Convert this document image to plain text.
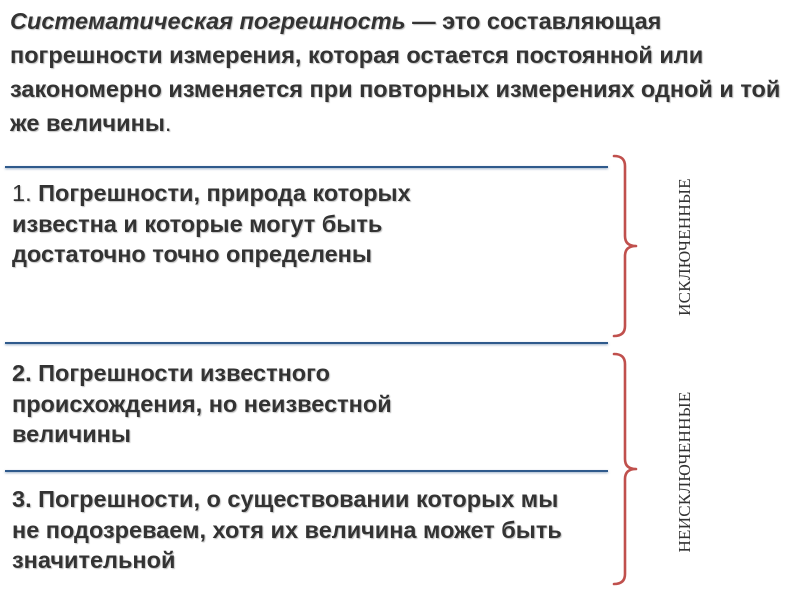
Систематическая погрешность — это составляющая погрешности измерения, которая остается постоянной или закономерно изменяется при повторных измерениях одной и той же величины.
1. Погрешности, природа которых известна и которые могут быть достаточно точно определены
2. Погрешности известного происхождения, но неизвестной величины
3. Погрешности, о существовании которых мы не подозреваем, хотя их величина может быть значительной
ИСКЛЮЧЕННЫЕ
НЕИСКЛЮЧЕННЫЕ
